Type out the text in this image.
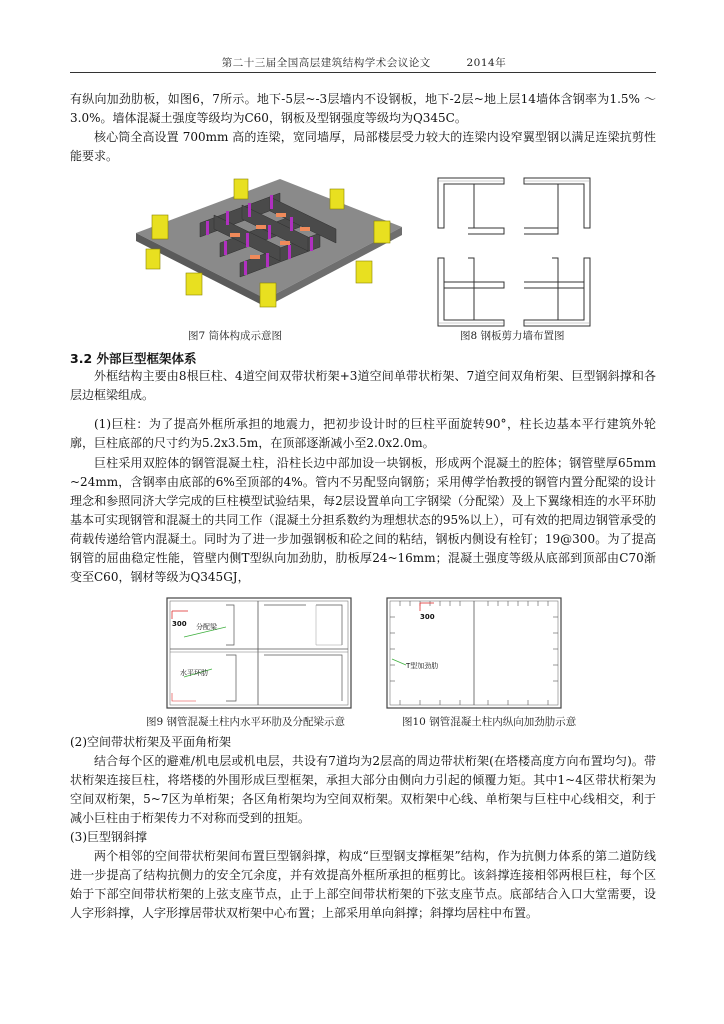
第二十三届全国高层建筑结构学术会议论文	2014年
有纵向加劲肋板，如图6，7所示。地下-5层~-3层墙内不设钢板，地下-2层~地上层14墙体含钢率为1.5% ～3.0%。墙体混凝土强度等级均为C60，钢板及型钢强度等级均为Q345C。
核心筒全高设置 700mm 高的连梁，宽同墙厚，局部楼层受力较大的连梁内设窄翼型钢以满足连梁抗剪性能要求。
图7 筒体构成示意图	图8 钢板剪力墙布置图
3.2 外部巨型框架体系
外框结构主要由8根巨柱、4道空间双带状桁架+3道空间单带状桁架、7道空间双角桁架、巨型钢斜撑和各层边框梁组成。
(1)巨柱：为了提高外框所承担的地震力，把初步设计时的巨柱平面旋转90°，柱长边基本平行建筑外轮廓，巨柱底部的尺寸约为5.2x3.5m，在顶部逐渐减小至2.0x2.0m。
巨柱采用双腔体的钢管混凝土柱，沿柱长边中部加设一块钢板，形成两个混凝土的腔体；钢管壁厚65mm~24mm，含钢率由底部的6%至顶部的4%。管内不另配竖向钢筋；采用傅学怡教授的钢管内置分配梁的设计理念和参照同济大学完成的巨柱模型试验结果，每2层设置单向工字钢梁（分配梁）及上下翼缘相连的水平环肋基本可实现钢管和混凝土的共同工作（混凝土分担系数约为理想状态的95%以上），可有效的把周边钢管承受的荷载传递给管内混凝土。同时为了进一步加强钢板和砼之间的粘结，钢板内侧设有栓钉；19@300。为了提高钢管的屈曲稳定性能，管壁内侧T型纵向加劲肋，肋板厚24~16mm；混凝土强度等级从底部到顶部由C70渐变至C60，钢材等级为Q345GJ，
300 分配梁
水平环肋
图9 钢管混凝土柱内水平环肋及分配梁示意
300
T型加劲肋
图10 钢管混凝土柱内纵向加劲肋示意
(2)空间带状桁架及平面角桁架
结合每个区的避难/机电层或机电层，共设有7道均为2层高的周边带状桁架(在塔楼高度方向布置均匀)。带状桁架连接巨柱，将塔楼的外围形成巨型框架，承担大部分由侧向力引起的倾覆力矩。其中1~4区带状桁架为空间双桁架，5~7区为单桁架；各区角桁架均为空间双桁架。双桁架中心线、单桁架与巨柱中心线相交，利于减小巨柱由于桁架传力不对称而受到的扭矩。
(3)巨型钢斜撑
两个相邻的空间带状桁架间布置巨型钢斜撑，构成“巨型钢支撑框架”结构，作为抗侧力体系的第二道防线进一步提高了结构抗侧力的安全冗余度，并有效提高外框所承担的框剪比。该斜撑连接相邻两根巨柱，每个区始于下部空间带状桁架的上弦支座节点，止于上部空间带状桁架的下弦支座节点。底部结合入口大堂需要，设人字形斜撑，人字形撑居带状双桁架中心布置；上部采用单向斜撑；斜撑均居柱中布置。
